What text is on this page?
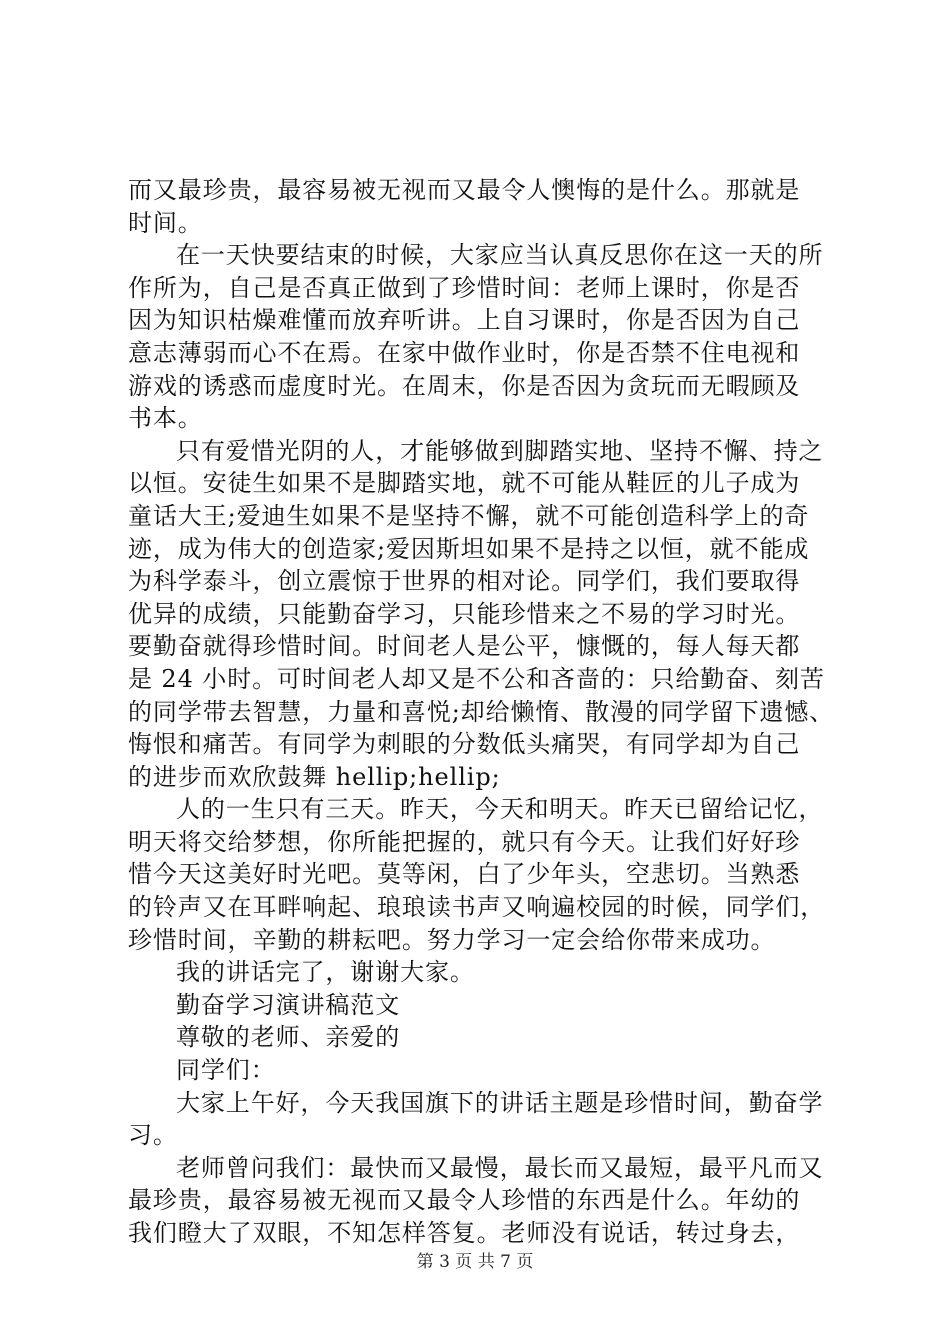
而又最珍贵，最容易被无视而又最令人懊悔的是什么。那就是
时间。
在一天快要结束的时候，大家应当认真反思你在这一天的所
作所为，自己是否真正做到了珍惜时间：老师上课时，你是否
因为知识枯燥难懂而放弃听讲。上自习课时，你是否因为自己
意志薄弱而心不在焉。在家中做作业时，你是否禁不住电视和
游戏的诱惑而虚度时光。在周末，你是否因为贪玩而无暇顾及
书本。
只有爱惜光阴的人，才能够做到脚踏实地、坚持不懈、持之
以恒。安徒生如果不是脚踏实地，就不可能从鞋匠的儿子成为
童话大王;爱迪生如果不是坚持不懈，就不可能创造科学上的奇
迹，成为伟大的创造家;爱因斯坦如果不是持之以恒，就不能成
为科学泰斗，创立震惊于世界的相对论。同学们，我们要取得
优异的成绩，只能勤奋学习，只能珍惜来之不易的学习时光。
要勤奋就得珍惜时间。时间老人是公平，慷慨的，每人每天都
是 24 小时。可时间老人却又是不公和吝啬的：只给勤奋、刻苦
的同学带去智慧，力量和喜悦;却给懒惰、散漫的同学留下遗憾、
悔恨和痛苦。有同学为刺眼的分数低头痛哭，有同学却为自己
的进步而欢欣鼓舞 hellip;hellip;
人的一生只有三天。昨天，今天和明天。昨天已留给记忆，
明天将交给梦想，你所能把握的，就只有今天。让我们好好珍
惜今天这美好时光吧。莫等闲，白了少年头，空悲切。当熟悉
的铃声又在耳畔响起、琅琅读书声又响遍校园的时候，同学们，
珍惜时间，辛勤的耕耘吧。努力学习一定会给你带来成功。
我的讲话完了，谢谢大家。
勤奋学习演讲稿范文
尊敬的老师、亲爱的
同学们：
大家上午好，今天我国旗下的讲话主题是珍惜时间，勤奋学
习。
老师曾问我们：最快而又最慢，最长而又最短，最平凡而又
最珍贵，最容易被无视而又最令人珍惜的东西是什么。年幼的
我们瞪大了双眼，不知怎样答复。老师没有说话，转过身去，
第 3 页 共 7 页
